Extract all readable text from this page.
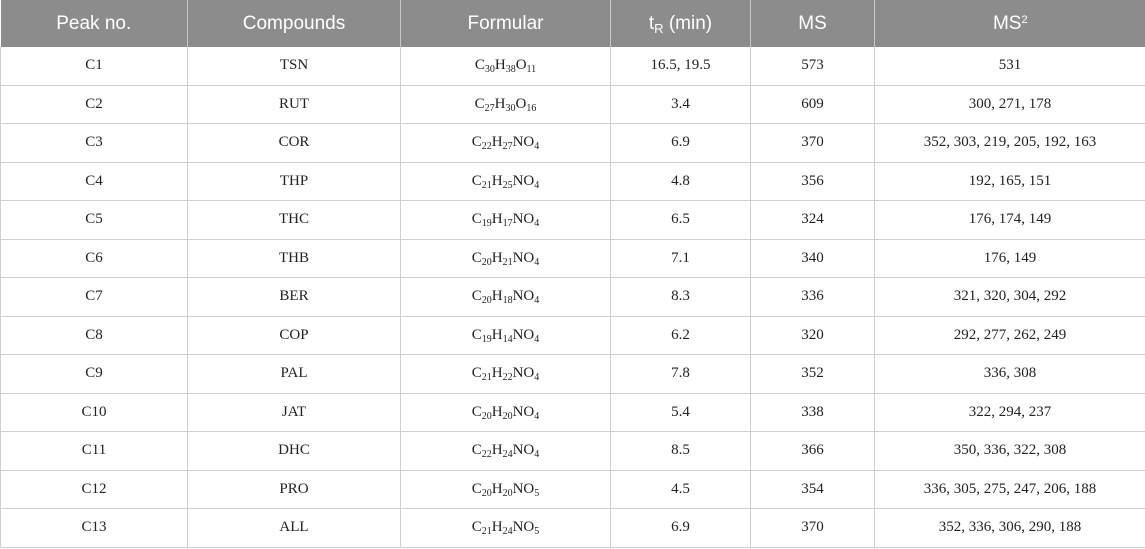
Peak no.	Compounds	Formular	$t_R$ (min)	MS	$MS^2$
C1	TSN	$C_{30}H_{38}O_{11}$	16.5, 19.5	573	531
C2	RUT	$C_{27}H_{30}O_{16}$	3.4	609	300, 271, 178
C3	COR	$C_{22}H_{27}NO_4$	6.9	370	352, 303, 219, 205, 192, 163
C4	THP	$C_{21}H_{25}NO_4$	4.8	356	192, 165, 151
C5	THC	$C_{19}H_{17}NO_4$	6.5	324	176, 174, 149
C6	THB	$C_{20}H_{21}NO_4$	7.1	340	176, 149
C7	BER	$C_{20}H_{18}NO_4$	8.3	336	321, 320, 304, 292
C8	COP	$C_{19}H_{14}NO_4$	6.2	320	292, 277, 262, 249
C9	PAL	$C_{21}H_{22}NO_4$	7.8	352	336, 308
C10	JAT	$C_{20}H_{20}NO_4$	5.4	338	322, 294, 237
C11	DHC	$C_{22}H_{24}NO_4$	8.5	366	350, 336, 322, 308
C12	PRO	$C_{20}H_{20}NO_5$	4.5	354	336, 305, 275, 247, 206, 188
C13	ALL	$C_{21}H_{24}NO_5$	6.9	370	352, 336, 306, 290, 188
